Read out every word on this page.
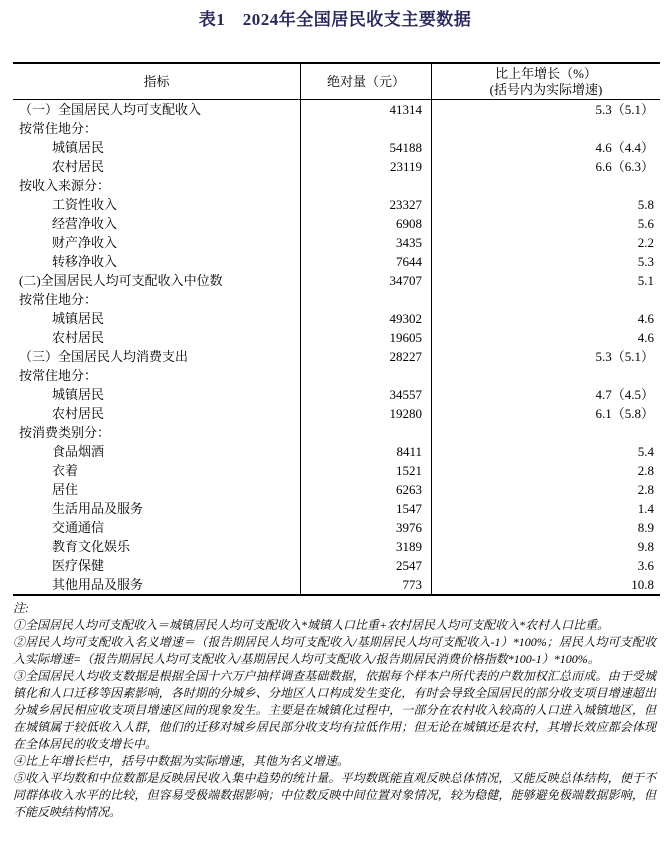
表1　2024年全国居民收支主要数据
指标	绝对量（元）
比上年增长（%）
(括号内为实际增速)
（一）全国居民人均可支配收入	41314	5.3（5.1）
按常住地分：
城镇居民	54188	4.6（4.4）
农村居民	23119	6.6（6.3）
按收入来源分：
工资性收入	23327	5.8
经营净收入	6908	5.6
财产净收入	3435	2.2
转移净收入	7644	5.3
(二)全国居民人均可支配收入中位数	34707	5.1
按常住地分：
城镇居民	49302	4.6
农村居民	19605	4.6
（三）全国居民人均消费支出	28227	5.3（5.1）
按常住地分：
城镇居民	34557	4.7（4.5）
农村居民	19280	6.1（5.8）
按消费类别分：
食品烟酒	8411	5.4
衣着	1521	2.8
居住	6263	2.8
生活用品及服务	1547	1.4
交通通信	3976	8.9
教育文化娱乐	3189	9.8
医疗保健	2547	3.6
其他用品及服务	773	10.8
注:
①全国居民人均可支配收入＝城镇居民人均可支配收入*城镇人口比重+农村居民人均可支配收入*农村人口比重。
②居民人均可支配收入名义增速＝（报告期居民人均可支配收入/基期居民人均可支配收入-1）*100%；居民人均可支配收入实际增速=（报告期居民人均可支配收入/基期居民人均可支配收入/报告期居民消费价格指数*100-1）*100%。
③全国居民人均收支数据是根据全国十六万户抽样调查基础数据，依据每个样本户所代表的户数加权汇总而成。由于受城镇化和人口迁移等因素影响，各时期的分城乡、分地区人口构成发生变化，有时会导致全国居民的部分收支项目增速超出分城乡居民相应收支项目增速区间的现象发生。主要是在城镇化过程中，一部分在农村收入较高的人口进入城镇地区，但在城镇属于较低收入人群，他们的迁移对城乡居民部分收支均有拉低作用；但无论在城镇还是农村，其增长效应都会体现在全体居民的收支增长中。
④比上年增长栏中，括号中数据为实际增速，其他为名义增速。
⑤收入平均数和中位数都是反映居民收入集中趋势的统计量。平均数既能直观反映总体情况，又能反映总体结构，便于不同群体收入水平的比较，但容易受极端数据影响；中位数反映中间位置对象情况，较为稳健，能够避免极端数据影响，但不能反映结构情况。
